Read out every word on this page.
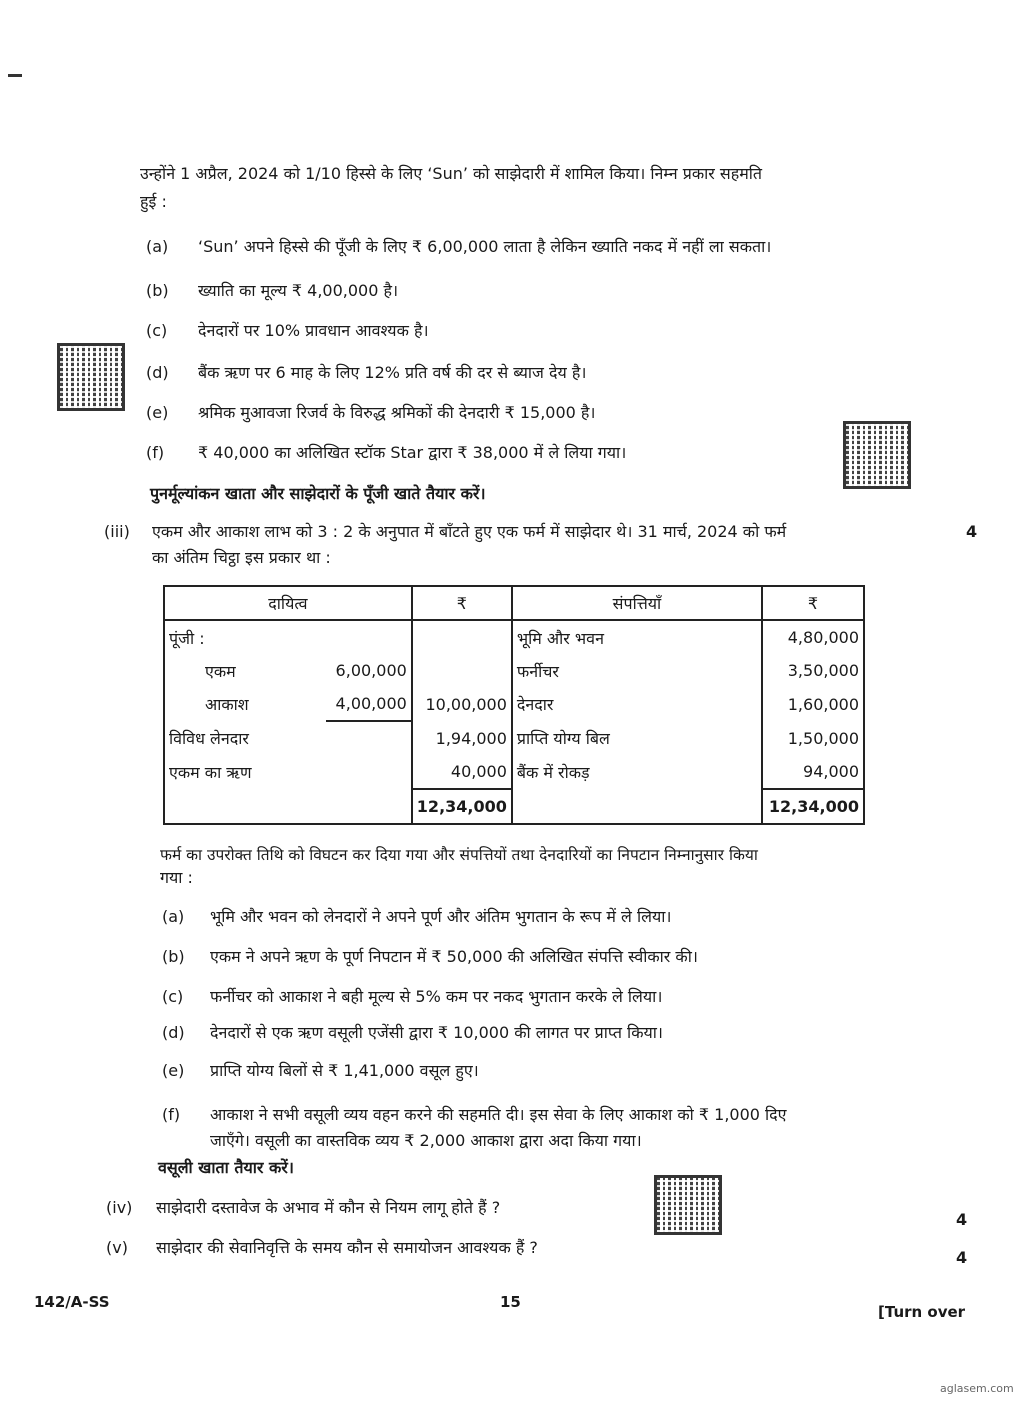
उन्होंने 1 अप्रैल, 2024 को 1/10 हिस्से के लिए ‘Sun’ को साझेदारी में शामिल किया। निम्न प्रकार सहमति
हुई :
(a)	‘Sun’ अपने हिस्से की पूँजी के लिए ₹ 6,00,000 लाता है लेकिन ख्याति नकद में नहीं ला सकता।
(b)	ख्याति का मूल्य ₹ 4,00,000 है।
(c)	देनदारों पर 10% प्रावधान आवश्यक है।
(d)	बैंक ऋण पर 6 माह के लिए 12% प्रति वर्ष की दर से ब्याज देय है।
(e)	श्रमिक मुआवजा रिजर्व के विरुद्ध श्रमिकों की देनदारी ₹ 15,000 है।
(f)	₹ 40,000 का अलिखित स्टॉक Star द्वारा ₹ 38,000 में ले लिया गया।
पुनर्मूल्यांकन खाता और साझेदारों के पूँजी खाते तैयार करें।
(iii) एकम और आकाश लाभ को 3 : 2 के अनुपात में बाँटते हुए एक फर्म में साझेदार थे। 31 मार्च, 2024 को फर्म
का अंतिम चिट्ठा इस प्रकार था :
4
दायित्व		₹	संपत्तियाँ	₹
पूंजी :			भूमि और भवन	4,80,000
एकम	6,00,000		फर्नीचर	3,50,000
आकाश	4,00,000	10,00,000	देनदार	1,60,000
विविध लेनदार		1,94,000	प्राप्ति योग्य बिल	1,50,000
एकम का ऋण		40,000	बैंक में रोकड़	94,000
		12,34,000		12,34,000
फर्म का उपरोक्त तिथि को विघटन कर दिया गया और संपत्तियों तथा देनदारियों का निपटान निम्नानुसार किया
गया :
(a)	भूमि और भवन को लेनदारों ने अपने पूर्ण और अंतिम भुगतान के रूप में ले लिया।
(b)	एकम ने अपने ऋण के पूर्ण निपटान में ₹ 50,000 की अलिखित संपत्ति स्वीकार की।
(c)	फर्नीचर को आकाश ने बही मूल्य से 5% कम पर नकद भुगतान करके ले लिया।
(d)	देनदारों से एक ऋण वसूली एजेंसी द्वारा ₹ 10,000 की लागत पर प्राप्त किया।
(e)	प्राप्ति योग्य बिलों से ₹ 1,41,000 वसूल हुए।
(f)	आकाश ने सभी वसूली व्यय वहन करने की सहमति दी। इस सेवा के लिए आकाश को ₹ 1,000 दिए
जाएँगे। वसूली का वास्तविक व्यय ₹ 2,000 आकाश द्वारा अदा किया गया।
वसूली खाता तैयार करें।
(iv) साझेदारी दस्तावेज के अभाव में कौन से नियम लागू होते हैं ?
4
(v) साझेदार की सेवानिवृत्ति के समय कौन से समायोजन आवश्यक हैं ?
4
142/A-SS	15
[Turn over
aglasem.com
